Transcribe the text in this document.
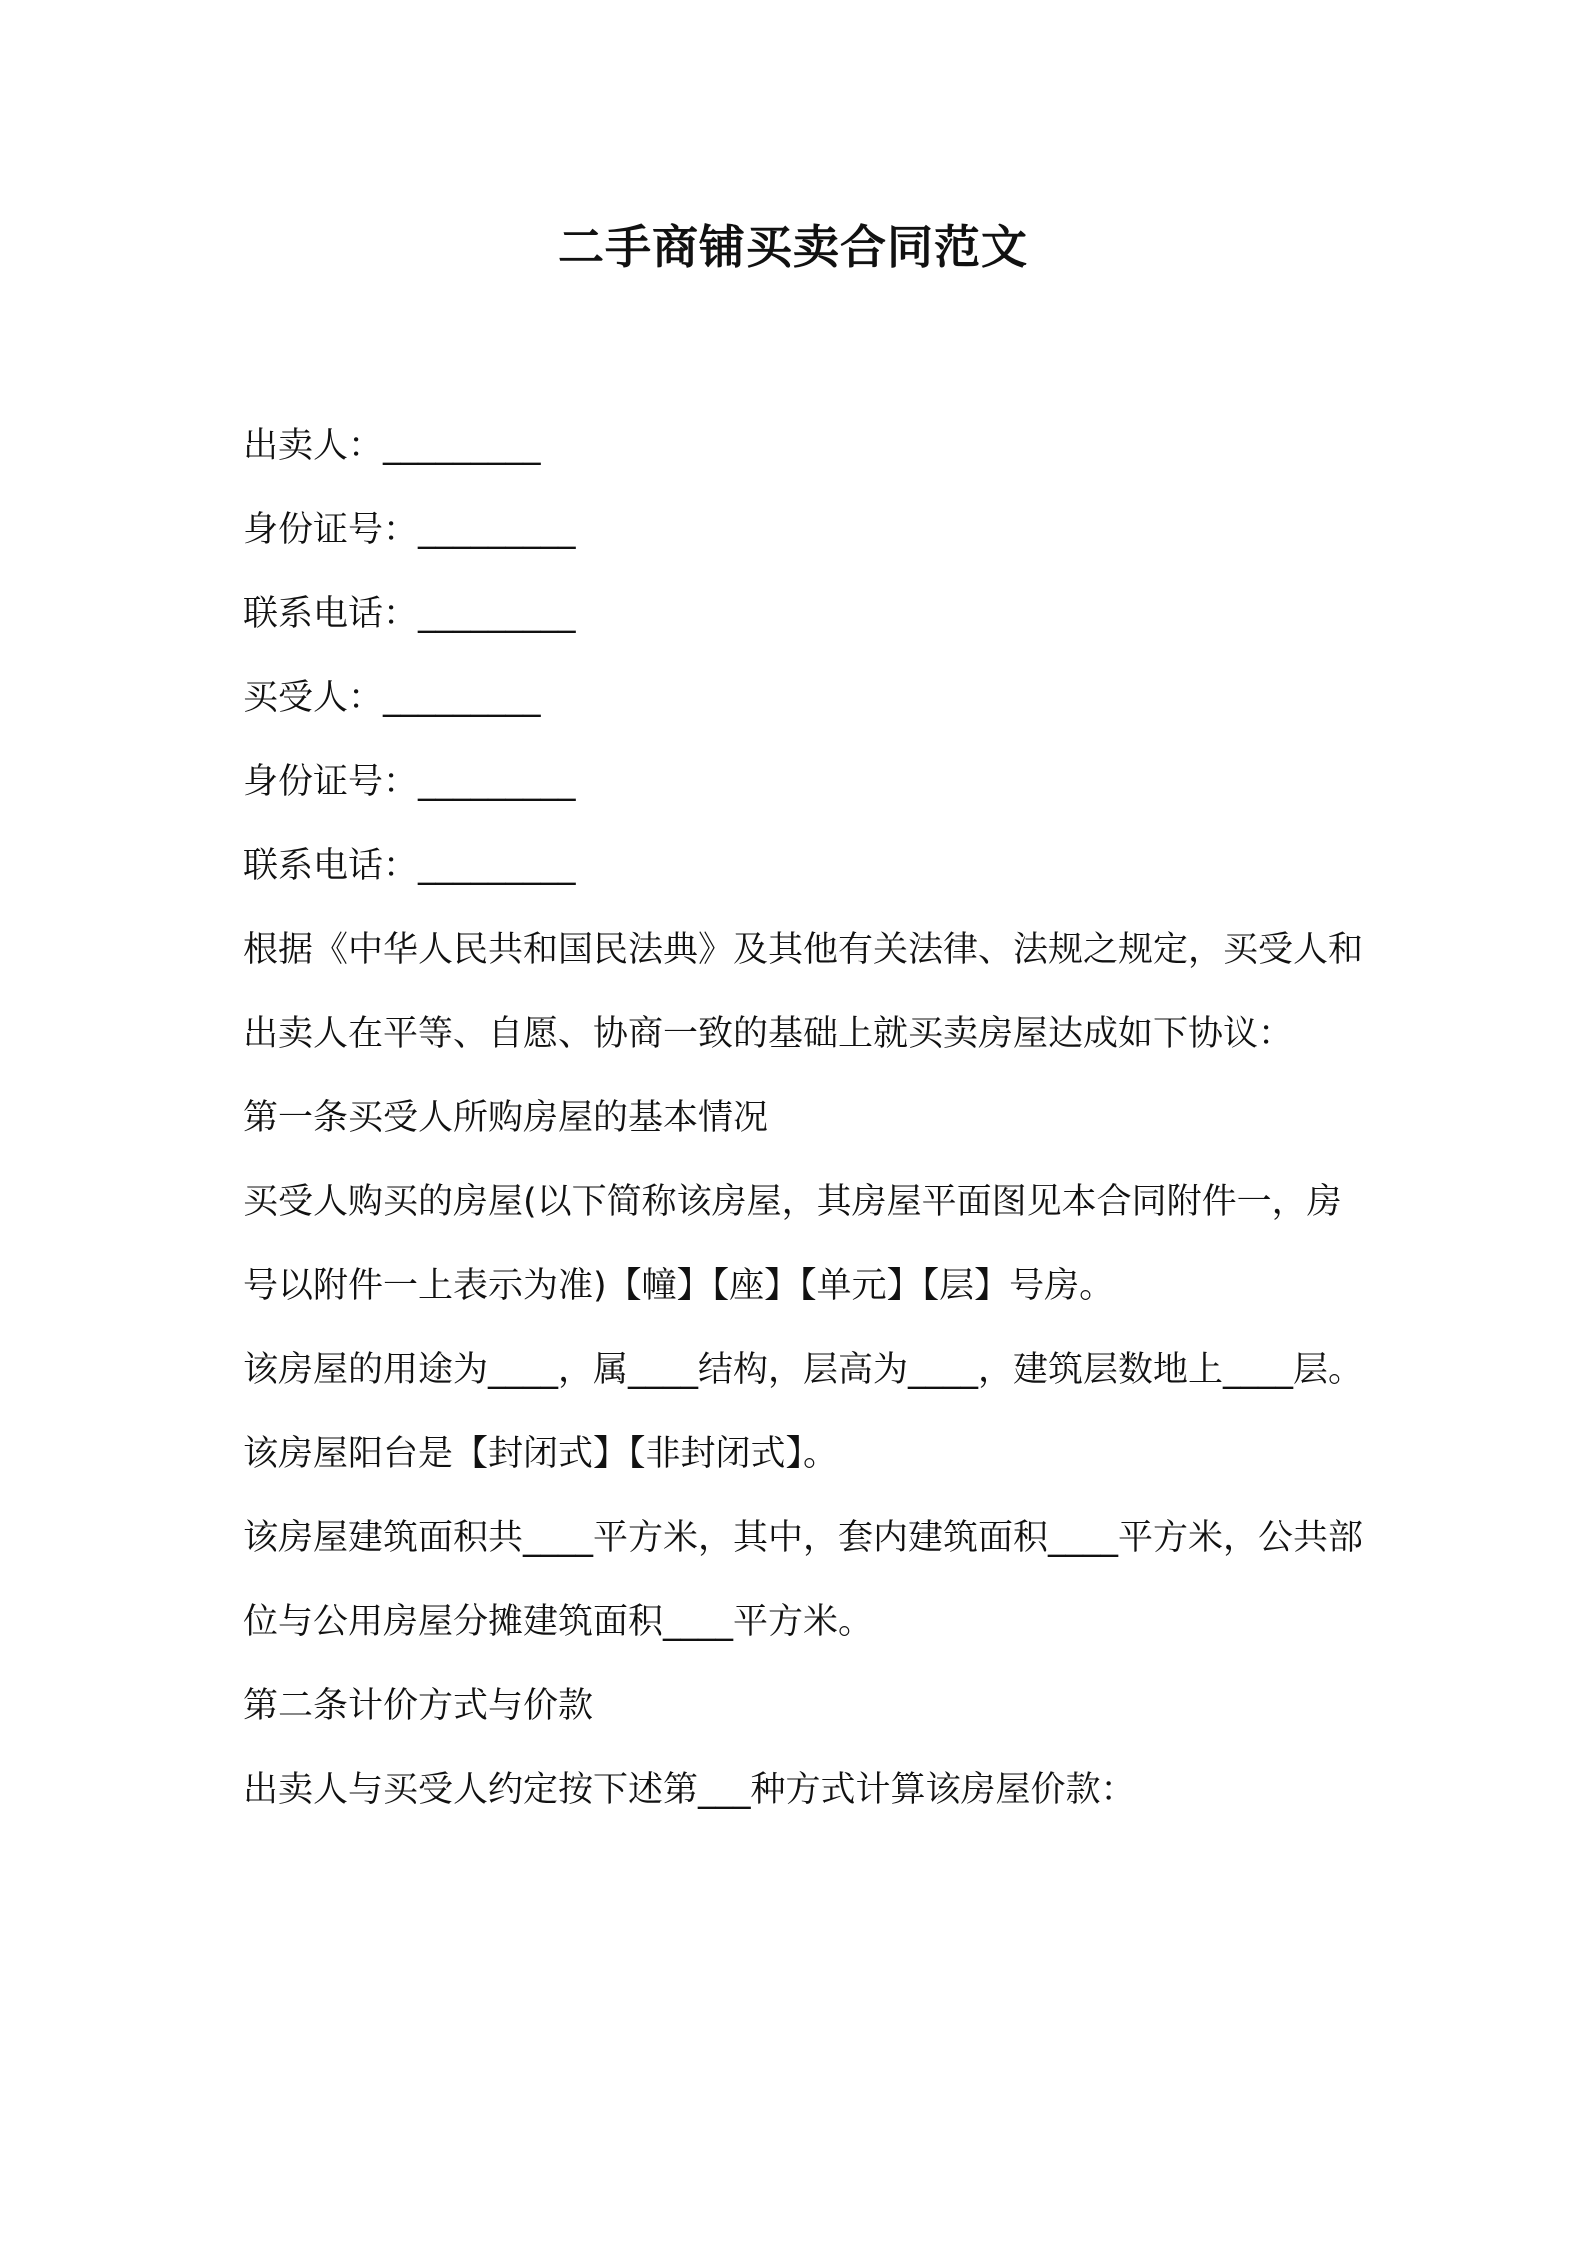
二手商铺买卖合同范文

出卖人：_________

身份证号：_________

联系电话：_________

买受人：_________

身份证号：_________

联系电话：_________

根据《中华人民共和国民法典》及其他有关法律、法规之规定，买受人和出卖人在平等、自愿、协商一致的基础上就买卖房屋达成如下协议：

第一条买受人所购房屋的基本情况

买受人购买的房屋(以下简称该房屋，其房屋平面图见本合同附件一，房号以附件一上表示为准)【幢】【座】【单元】【层】号房。

该房屋的用途为____，属____结构，层高为____，建筑层数地上____层。

该房屋阳台是【封闭式】【非封闭式】。

该房屋建筑面积共____平方米，其中，套内建筑面积____平方米，公共部位与公用房屋分摊建筑面积____平方米。

第二条计价方式与价款

出卖人与买受人约定按下述第___种方式计算该房屋价款：
